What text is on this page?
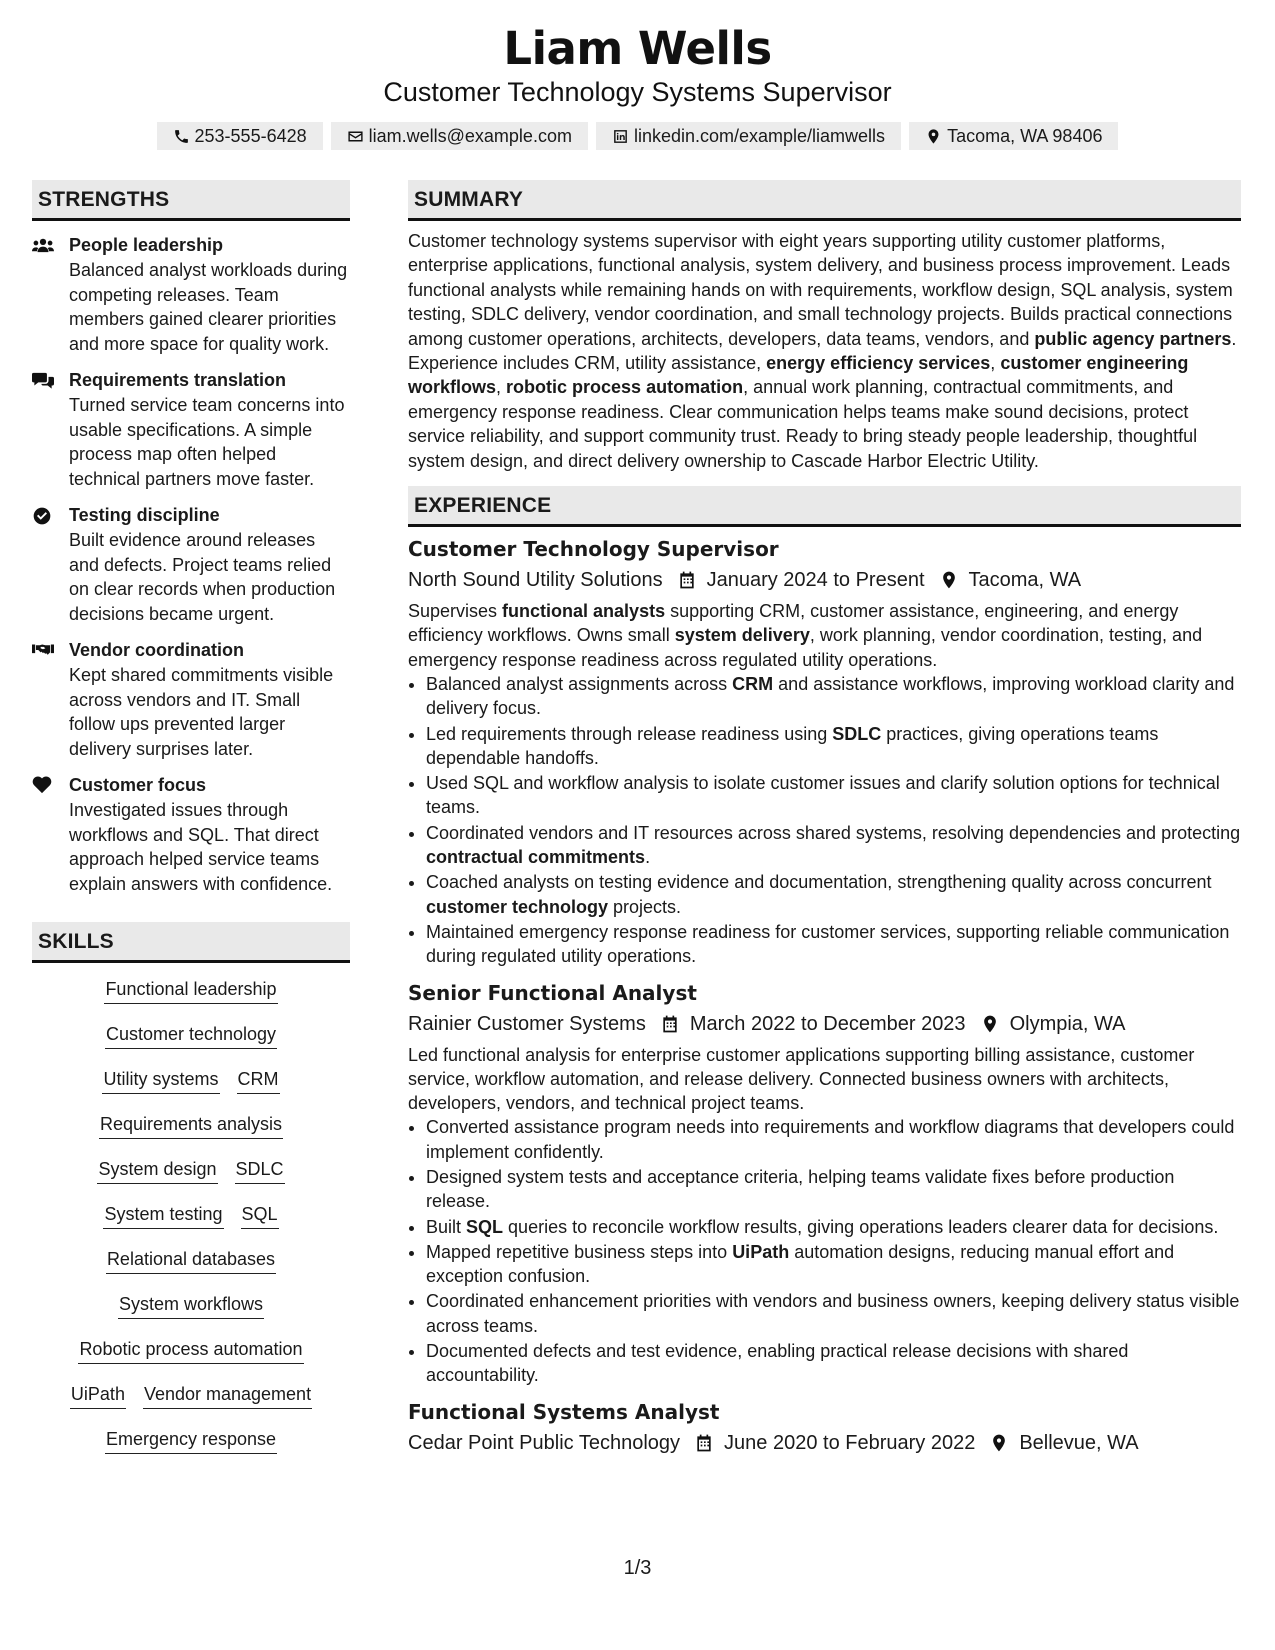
Liam Wells
Customer Technology Systems Supervisor
253-555-6428	liam.wells@example.com	linkedin.com/example/liamwells	Tacoma, WA 98406
STRENGTHS
People leadership
Balanced analyst workloads during competing releases. Team members gained clearer priorities and more space for quality work.
Requirements translation
Turned service team concerns into usable specifications. A simple process map often helped technical partners move faster.
Testing discipline
Built evidence around releases and defects. Project teams relied on clear records when production decisions became urgent.
Vendor coordination
Kept shared commitments visible across vendors and IT. Small follow ups prevented larger delivery surprises later.
Customer focus
Investigated issues through workflows and SQL. That direct approach helped service teams explain answers with confidence.
SKILLS
Functional leadership
Customer technology
Utility systems CRM
Requirements analysis
System design SDLC
System testing SQL
Relational databases
System workflows
Robotic process automation
UiPath Vendor management
Emergency response
SUMMARY
Customer technology systems supervisor with eight years supporting utility customer platforms, enterprise applications, functional analysis, system delivery, and business process improvement. Leads functional analysts while remaining hands on with requirements, workflow design, SQL analysis, system testing, SDLC delivery, vendor coordination, and small technology projects. Builds practical connections among customer operations, architects, developers, data teams, vendors, and public agency partners. Experience includes CRM, utility assistance, energy efficiency services, customer engineering workflows, robotic process automation, annual work planning, contractual commitments, and emergency response readiness. Clear communication helps teams make sound decisions, protect service reliability, and support community trust. Ready to bring steady people leadership, thoughtful system design, and direct delivery ownership to Cascade Harbor Electric Utility.
EXPERIENCE
Customer Technology Supervisor
North Sound Utility Solutions January 2024 to Present Tacoma, WA
Supervises functional analysts supporting CRM, customer assistance, engineering, and energy efficiency workflows. Owns small system delivery, work planning, vendor coordination, testing, and emergency response readiness across regulated utility operations.
• Balanced analyst assignments across CRM and assistance workflows, improving workload clarity and delivery focus.
• Led requirements through release readiness using SDLC practices, giving operations teams dependable handoffs.
• Used SQL and workflow analysis to isolate customer issues and clarify solution options for technical teams.
• Coordinated vendors and IT resources across shared systems, resolving dependencies and protecting contractual commitments.
• Coached analysts on testing evidence and documentation, strengthening quality across concurrent customer technology projects.
• Maintained emergency response readiness for customer services, supporting reliable communication during regulated utility operations.
Senior Functional Analyst
Rainier Customer Systems March 2022 to December 2023 Olympia, WA
Led functional analysis for enterprise customer applications supporting billing assistance, customer service, workflow automation, and release delivery. Connected business owners with architects, developers, vendors, and technical project teams.
• Converted assistance program needs into requirements and workflow diagrams that developers could implement confidently.
• Designed system tests and acceptance criteria, helping teams validate fixes before production release.
• Built SQL queries to reconcile workflow results, giving operations leaders clearer data for decisions.
• Mapped repetitive business steps into UiPath automation designs, reducing manual effort and exception confusion.
• Coordinated enhancement priorities with vendors and business owners, keeping delivery status visible across teams.
• Documented defects and test evidence, enabling practical release decisions with shared accountability.
Functional Systems Analyst
Cedar Point Public Technology June 2020 to February 2022 Bellevue, WA
1/3
